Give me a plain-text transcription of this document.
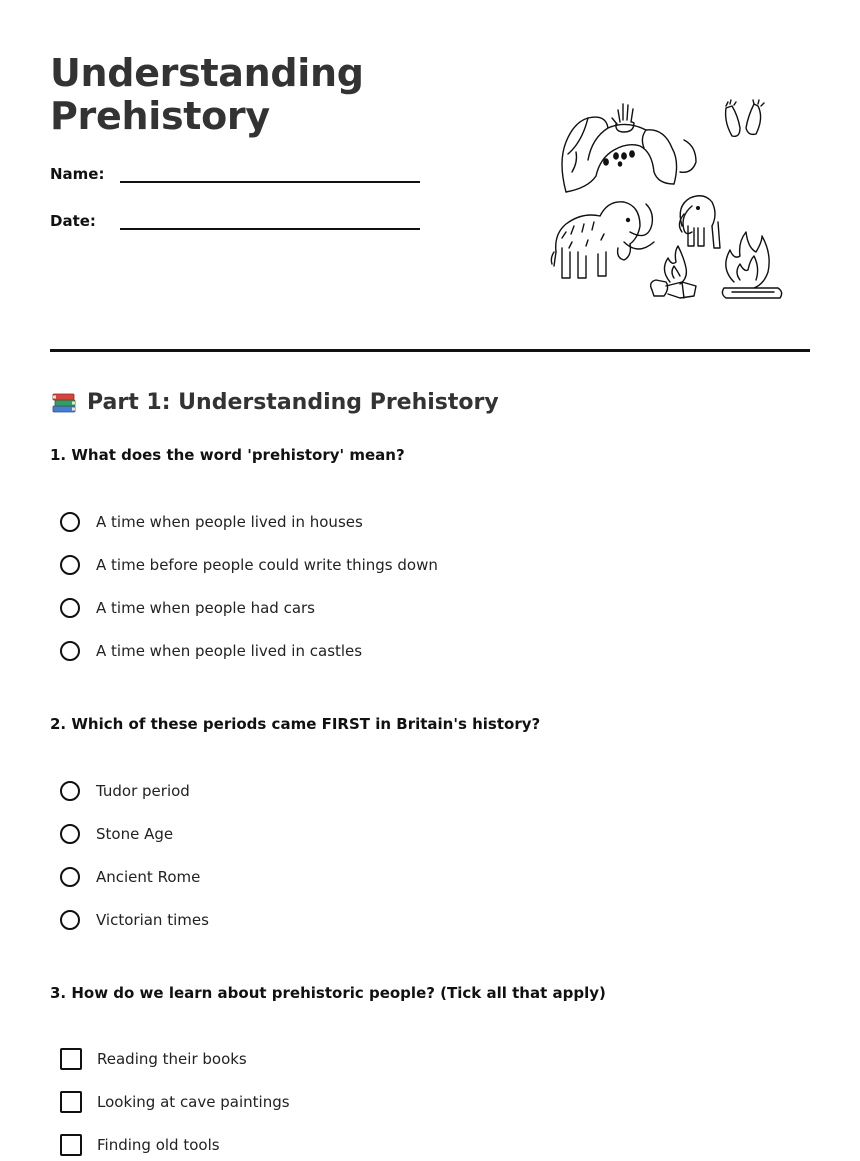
Understanding
Prehistory
Name:
Date:
Part 1: Understanding Prehistory
1. What does the word 'prehistory' mean?
A time when people lived in houses
A time before people could write things down
A time when people had cars
A time when people lived in castles
2. Which of these periods came FIRST in Britain's history?
Tudor period
Stone Age
Ancient Rome
Victorian times
3. How do we learn about prehistoric people? (Tick all that apply)
Reading their books
Looking at cave paintings
Finding old tools
